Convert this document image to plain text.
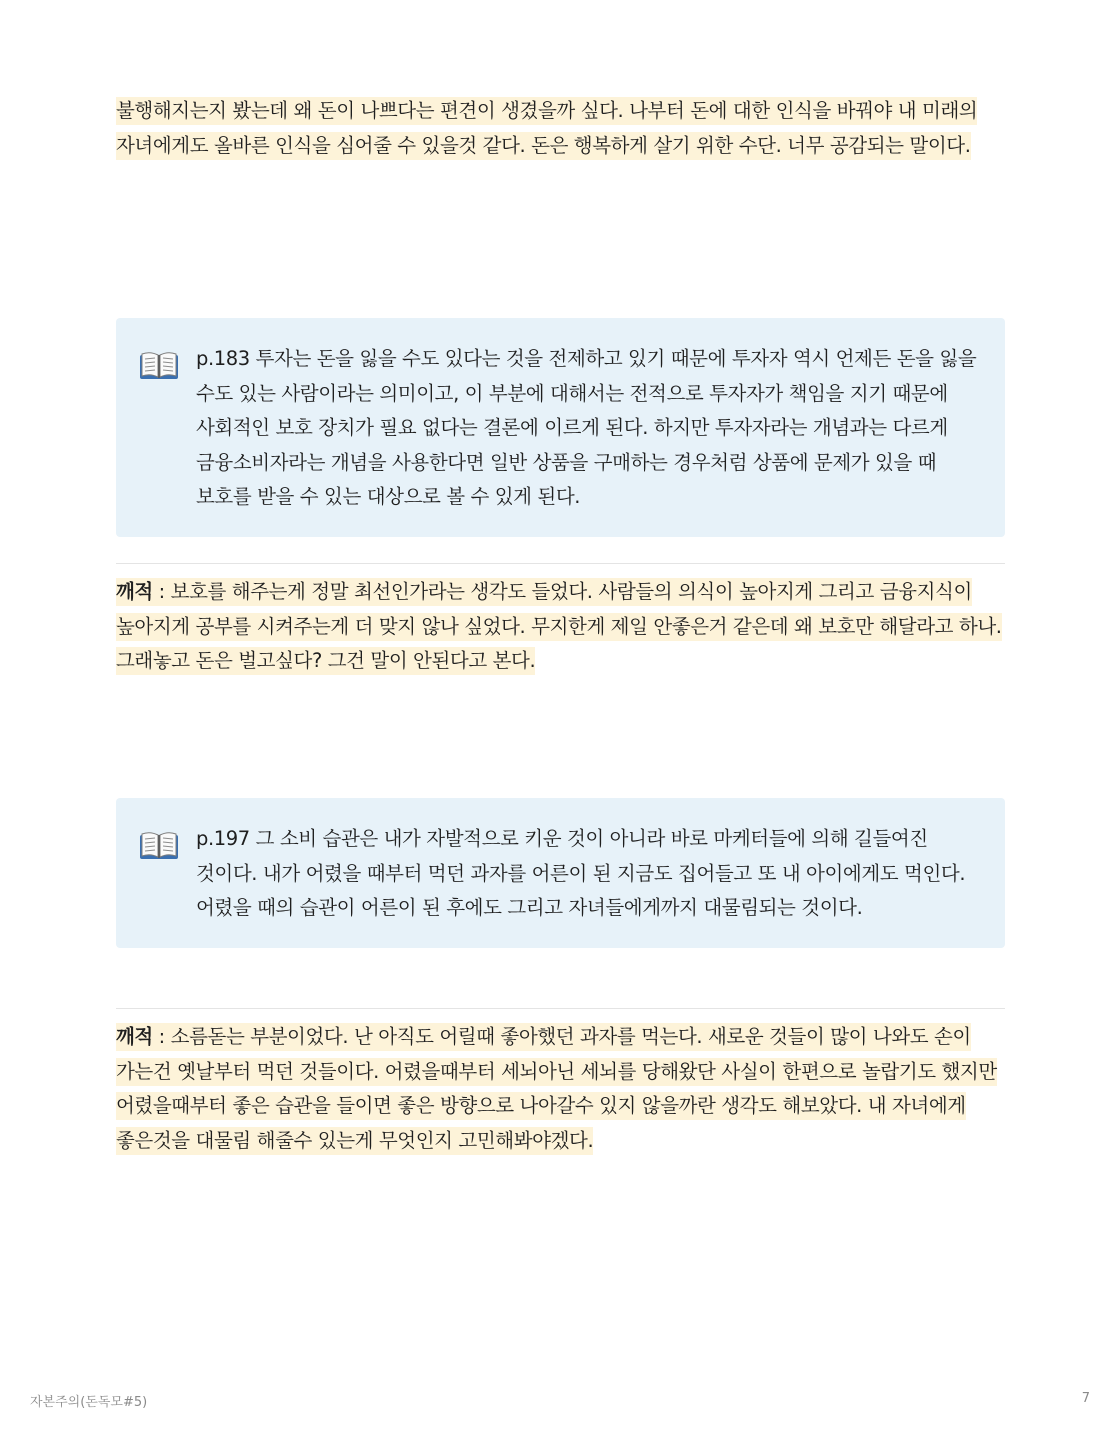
불행해지는지 봤는데 왜 돈이 나쁘다는 편견이 생겼을까 싶다. 나부터 돈에 대한 인식을 바꿔야 내 미래의 자녀에게도 올바른 인식을 심어줄 수 있을것 같다. 돈은 행복하게 살기 위한 수단. 너무 공감되는 말이다.
p.183 투자는 돈을 잃을 수도 있다는 것을 전제하고 있기 때문에 투자자 역시 언제든 돈을 잃을 수도 있는 사람이라는 의미이고, 이 부분에 대해서는 전적으로 투자자가 책임을 지기 때문에 사회적인 보호 장치가 필요 없다는 결론에 이르게 된다. 하지만 투자자라는 개념과는 다르게 금융소비자라는 개념을 사용한다면 일반 상품을 구매하는 경우처럼 상품에 문제가 있을 때 보호를 받을 수 있는 대상으로 볼 수 있게 된다.
깨적 : 보호를 해주는게 정말 최선인가라는 생각도 들었다. 사람들의 의식이 높아지게 그리고 금융지식이 높아지게 공부를 시켜주는게 더 맞지 않나 싶었다. 무지한게 제일 안좋은거 같은데 왜 보호만 해달라고 하나. 그래놓고 돈은 벌고싶다? 그건 말이 안된다고 본다.
p.197 그 소비 습관은 내가 자발적으로 키운 것이 아니라 바로 마케터들에 의해 길들여진 것이다. 내가 어렸을 때부터 먹던 과자를 어른이 된 지금도 집어들고 또 내 아이에게도 먹인다. 어렸을 때의 습관이 어른이 된 후에도 그리고 자녀들에게까지 대물림되는 것이다.
깨적 : 소름돋는 부분이었다. 난 아직도 어릴때 좋아했던 과자를 먹는다. 새로운 것들이 많이 나와도 손이 가는건 옛날부터 먹던 것들이다. 어렸을때부터 세뇌아닌 세뇌를 당해왔단 사실이 한편으로 놀랍기도 했지만 어렸을때부터 좋은 습관을 들이면 좋은 방향으로 나아갈수 있지 않을까란 생각도 해보았다. 내 자녀에게 좋은것을 대물림 해줄수 있는게 무엇인지 고민해봐야겠다.
자본주의(돈독모#5)	7
